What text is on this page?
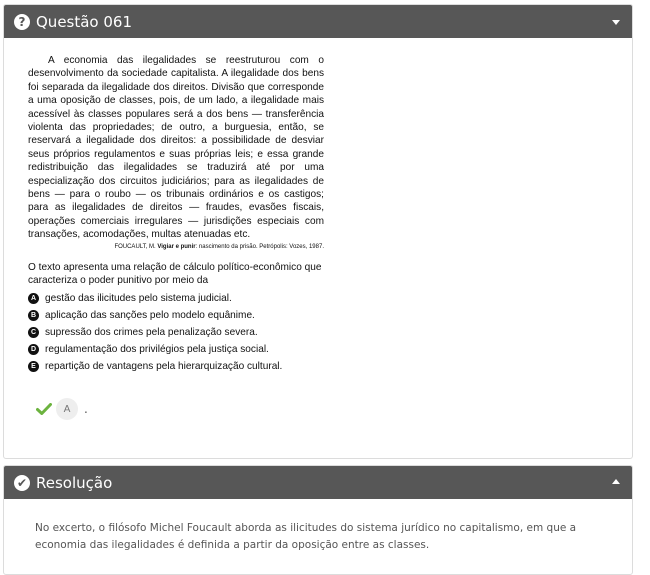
? Questão 061

A economia das ilegalidades se reestruturou com o desenvolvimento da sociedade capitalista. A ilegalidade dos bens foi separada da ilegalidade dos direitos. Divisão que corresponde a uma oposição de classes, pois, de um lado, a ilegalidade mais acessível às classes populares será a dos bens — transferência violenta das propriedades; de outro, a burguesia, então, se reservará a ilegalidade dos direitos: a possibilidade de desviar seus próprios regulamentos e suas próprias leis; e essa grande redistribuição das ilegalidades se traduzirá até por uma especialização dos circuitos judiciários; para as ilegalidades de bens — para o roubo — os tribunais ordinários e os castigos; para as ilegalidades de direitos — fraudes, evasões fiscais, operações comerciais irregulares — jurisdições especiais com transações, acomodações, multas atenuadas etc.

FOUCAULT, M. Vigiar e punir: nascimento da prisão. Petrópolis: Vozes, 1987.

O texto apresenta uma relação de cálculo político-econômico que caracteriza o poder punitivo por meio da

A gestão das ilicitudes pelo sistema judicial.
B aplicação das sanções pelo modelo equânime.
C supressão dos crimes pela penalização severa.
D regulamentação dos privilégios pela justiça social.
E repartição de vantagens pela hierarquização cultural.
A	.
✔ Resolução
No excerto, o filósofo Michel Foucault aborda as ilicitudes do sistema jurídico no capitalismo, em que a economia das ilegalidades é definida a partir da oposição entre as classes.
